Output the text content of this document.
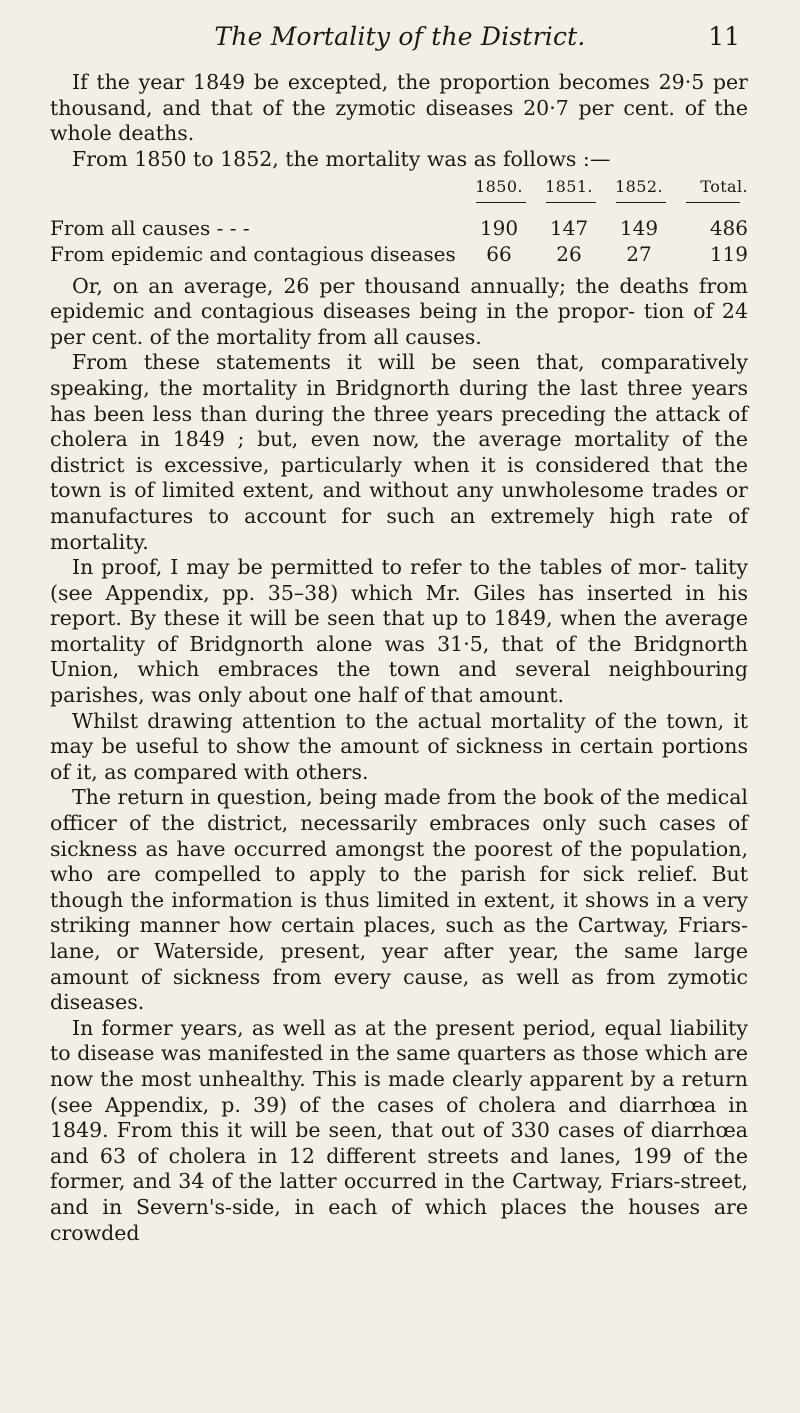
The Mortality of the District.	11

If the year 1849 be excepted, the proportion becomes 29·5 per thousand, and that of the zymotic diseases 20·7 per cent. of the whole deaths.

From 1850 to 1852, the mortality was as follows :—

	1850.	1851.	1852.	Total.

From all causes - - -	190	147	149	486
From epidemic and contagious diseases	66	26	27	119

Or, on an average, 26 per thousand annually; the deaths from epidemic and contagious diseases being in the propor- tion of 24 per cent. of the mortality from all causes.

From these statements it will be seen that, comparatively speaking, the mortality in Bridgnorth during the last three years has been less than during the three years preceding the attack of cholera in 1849 ; but, even now, the average mortality of the district is excessive, particularly when it is considered that the town is of limited extent, and without any unwholesome trades or manufactures to account for such an extremely high rate of mortality.

In proof, I may be permitted to refer to the tables of mor- tality (see Appendix, pp. 35–38) which Mr. Giles has inserted in his report. By these it will be seen that up to 1849, when the average mortality of Bridgnorth alone was 31·5, that of the Bridgnorth Union, which embraces the town and several neighbouring parishes, was only about one half of that amount.

Whilst drawing attention to the actual mortality of the town, it may be useful to show the amount of sickness in certain portions of it, as compared with others.

The return in question, being made from the book of the medical officer of the district, necessarily embraces only such cases of sickness as have occurred amongst the poorest of the population, who are compelled to apply to the parish for sick relief. But though the information is thus limited in extent, it shows in a very striking manner how certain places, such as the Cartway, Friars-lane, or Waterside, present, year after year, the same large amount of sickness from every cause, as well as from zymotic diseases.

In former years, as well as at the present period, equal liability to disease was manifested in the same quarters as those which are now the most unhealthy. This is made clearly apparent by a return (see Appendix, p. 39) of the cases of cholera and diarrhœa in 1849. From this it will be seen, that out of 330 cases of diarrhœa and 63 of cholera in 12 different streets and lanes, 199 of the former, and 34 of the latter occurred in the Cartway, Friars-street, and in Severn's-side, in each of which places the houses are crowded
